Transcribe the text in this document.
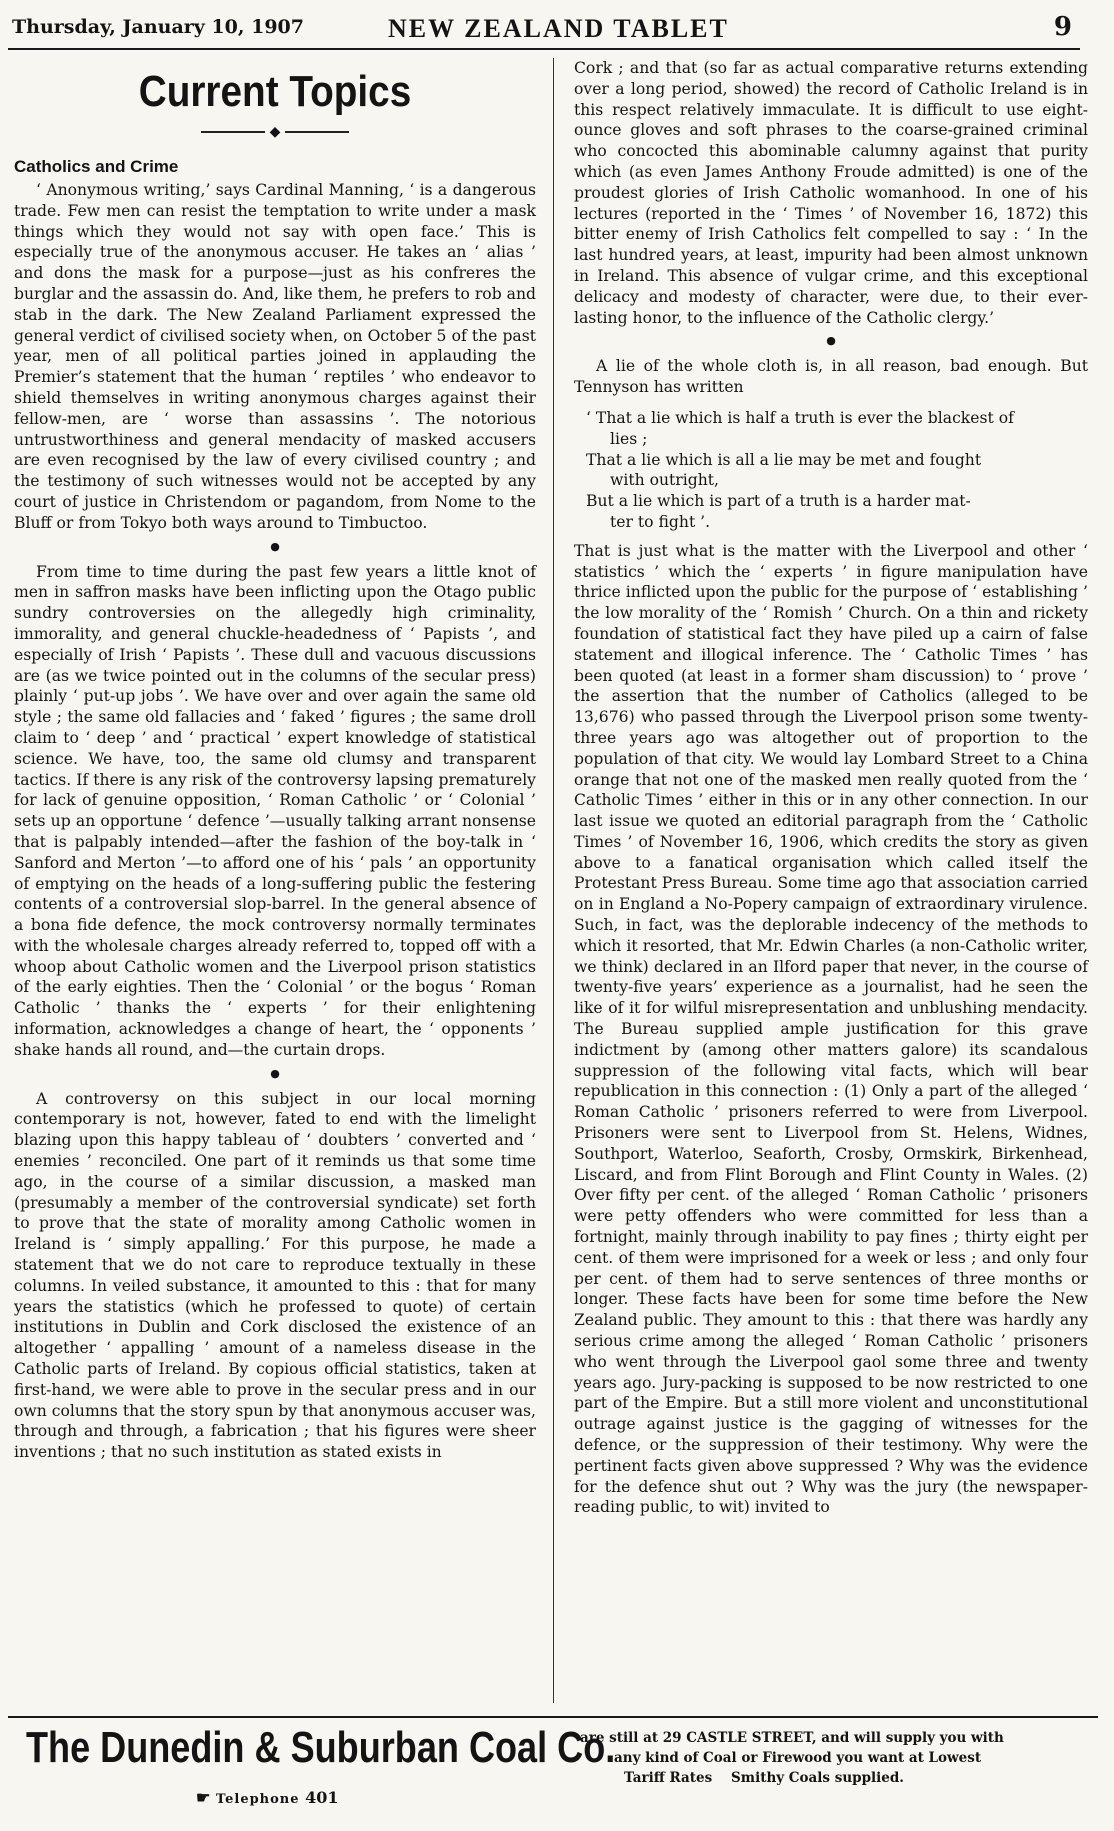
Thursday, January 10, 1907	NEW ZEALAND TABLET	9
Current Topics
◆
Catholics and Crime

‘ Anonymous writing,’ says Cardinal Manning, ‘ is a dangerous trade. Few men can resist the temptation to write under a mask things which they would not say with open face.’ This is especially true of the anonymous accuser. He takes an ‘ alias ’ and dons the mask for a purpose—just as his confreres the burglar and the assassin do. And, like them, he prefers to rob and stab in the dark. The New Zealand Parliament expressed the general verdict of civilised society when, on October 5 of the past year, men of all political parties joined in applauding the Premier’s statement that the human ‘ reptiles ’ who endeavor to shield themselves in writing anonymous charges against their fellow-men, are ‘ worse than assassins ’. The notorious untrustworthiness and general mendacity of masked accusers are even recognised by the law of every civilised country ; and the testimony of such witnesses would not be accepted by any court of justice in Christendom or pagandom, from Nome to the Bluff or from Tokyo both ways around to Timbuctoo.

●

From time to time during the past few years a little knot of men in saffron masks have been inflicting upon the Otago public sundry controversies on the allegedly high criminality, immorality, and general chuckle-headedness of ‘ Papists ’, and especially of Irish ‘ Papists ’. These dull and vacuous discussions are (as we twice pointed out in the columns of the secular press) plainly ‘ put-up jobs ’. We have over and over again the same old style ; the same old fallacies and ‘ faked ’ figures ; the same droll claim to ‘ deep ’ and ‘ practical ’ expert knowledge of statistical science. We have, too, the same old clumsy and transparent tactics. If there is any risk of the controversy lapsing prematurely for lack of genuine opposition, ‘ Roman Catholic ’ or ‘ Colonial ’ sets up an opportune ‘ defence ’—usually talking arrant nonsense that is palpably intended—after the fashion of the boy-talk in ‘ Sanford and Merton ’—to afford one of his ‘ pals ’ an opportunity of emptying on the heads of a long-suffering public the festering contents of a controversial slop-barrel. In the general absence of a bona fide defence, the mock controversy normally terminates with the wholesale charges already referred to, topped off with a whoop about Catholic women and the Liverpool prison statistics of the early eighties. Then the ‘ Colonial ’ or the bogus ‘ Roman Catholic ’ thanks the ‘ experts ’ for their enlightening information, acknowledges a change of heart, the ‘ opponents ’ shake hands all round, and—the curtain drops.

●

A controversy on this subject in our local morning contemporary is not, however, fated to end with the limelight blazing upon this happy tableau of ‘ doubters ’ converted and ‘ enemies ’ reconciled. One part of it reminds us that some time ago, in the course of a similar discussion, a masked man (presumably a member of the controversial syndicate) set forth to prove that the state of morality among Catholic women in Ireland is ‘ simply appalling.’ For this purpose, he made a statement that we do not care to reproduce textually in these columns. In veiled substance, it amounted to this : that for many years the statistics (which he professed to quote) of certain institutions in Dublin and Cork disclosed the existence of an altogether ‘ appalling ’ amount of a nameless disease in the Catholic parts of Ireland. By copious official statistics, taken at first-hand, we were able to prove in the secular press and in our own columns that the story spun by that anonymous accuser was, through and through, a fabrication ; that his figures were sheer inventions ; that no such institution as stated exists in

Cork ; and that (so far as actual comparative returns extending over a long period, showed) the record of Catholic Ireland is in this respect relatively immaculate. It is difficult to use eight-ounce gloves and soft phrases to the coarse-grained criminal who concocted this abominable calumny against that purity which (as even James Anthony Froude admitted) is one of the proudest glories of Irish Catholic womanhood. In one of his lectures (reported in the ‘ Times ’ of November 16, 1872) this bitter enemy of Irish Catholics felt compelled to say : ‘ In the last hundred years, at least, impurity had been almost unknown in Ireland. This absence of vulgar crime, and this exceptional delicacy and modesty of character, were due, to their ever-lasting honor, to the influence of the Catholic clergy.’

●

A lie of the whole cloth is, in all reason, bad enough. But Tennyson has written

‘ That a lie which is half a truth is ever the blackest of
lies ;
That a lie which is all a lie may be met and fought
with outright,
But a lie which is part of a truth is a harder mat-
ter to fight ’.

That is just what is the matter with the Liverpool and other ‘ statistics ’ which the ‘ experts ’ in figure manipulation have thrice inflicted upon the public for the purpose of ‘ establishing ’ the low morality of the ‘ Romish ’ Church. On a thin and rickety foundation of statistical fact they have piled up a cairn of false statement and illogical inference. The ‘ Catholic Times ’ has been quoted (at least in a former sham discussion) to ‘ prove ’ the assertion that the number of Catholics (alleged to be 13,676) who passed through the Liverpool prison some twenty-three years ago was altogether out of proportion to the population of that city. We would lay Lombard Street to a China orange that not one of the masked men really quoted from the ‘ Catholic Times ’ either in this or in any other connection. In our last issue we quoted an editorial paragraph from the ‘ Catholic Times ’ of November 16, 1906, which credits the story as given above to a fanatical organisation which called itself the Protestant Press Bureau. Some time ago that association carried on in England a No-Popery campaign of extraordinary virulence. Such, in fact, was the deplorable indecency of the methods to which it resorted, that Mr. Edwin Charles (a non-Catholic writer, we think) declared in an Ilford paper that never, in the course of twenty-five years’ experience as a journalist, had he seen the like of it for wilful misrepresentation and unblushing mendacity. The Bureau supplied ample justification for this grave indictment by (among other matters galore) its scandalous suppression of the following vital facts, which will bear republication in this connection : (1) Only a part of the alleged ‘ Roman Catholic ’ prisoners referred to were from Liverpool. Prisoners were sent to Liverpool from St. Helens, Widnes, Southport, Waterloo, Seaforth, Crosby, Ormskirk, Birkenhead, Liscard, and from Flint Borough and Flint County in Wales. (2) Over fifty per cent. of the alleged ‘ Roman Catholic ’ prisoners were petty offenders who were committed for less than a fortnight, mainly through inability to pay fines ; thirty eight per cent. of them were imprisoned for a week or less ; and only four per cent. of them had to serve sentences of three months or longer. These facts have been for some time before the New Zealand public. They amount to this : that there was hardly any serious crime among the alleged ‘ Roman Catholic ’ prisoners who went through the Liverpool gaol some three and twenty years ago. Jury-packing is supposed to be now restricted to one part of the Empire. But a still more violent and unconstitutional outrage against justice is the gagging of witnesses for the defence, or the suppression of their testimony. Why were the pertinent facts given above suppressed ? Why was the evidence for the defence shut out ? Why was the jury (the newspaper-reading public, to wit) invited to

The Dunedin & Suburban Coal Co.
☛ Telephone 401
are still at 29 CASTLE STREET, and will supply you with
any kind of Coal or Firewood you want at Lowest
Tariff Rates Smithy Coals supplied.
